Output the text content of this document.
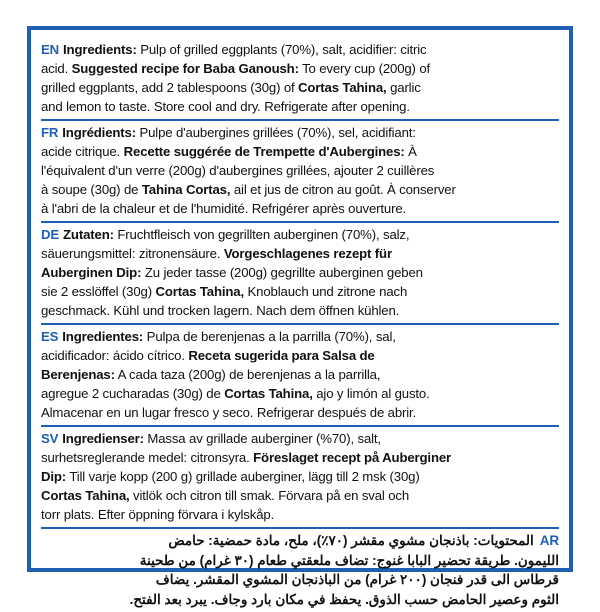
EN Ingredients: Pulp of grilled eggplants (70%), salt, acidifier: citric
acid. Suggested recipe for Baba Ganoush: To every cup (200g) of
grilled eggplants, add 2 tablespoons (30g) of Cortas Tahina, garlic
and lemon to taste. Store cool and dry. Refrigerate after opening.
FR Ingrédients: Pulpe d'aubergines grillées (70%), sel, acidifiant:
acide citrique. Recette suggérée de Trempette d'Aubergines: À
l'équivalent d'un verre (200g) d'aubergines grillées, ajouter 2 cuillères
à soupe (30g) de Tahina Cortas, ail et jus de citron au goût. À conserver
à l'abri de la chaleur et de l'humidité. Refrigérer après ouverture.
DE Zutaten: Fruchtfleisch von gegrillten auberginen (70%), salz,
säuerungsmittel: zitronensäure. Vorgeschlagenes rezept für
Auberginen Dip: Zu jeder tasse (200g) gegrillte auberginen geben
sie 2 esslöffel (30g) Cortas Tahina, Knoblauch und zitrone nach
geschmack. Kühl und trocken lagern. Nach dem öffnen kühlen.
ES Ingredientes: Pulpa de berenjenas a la parrilla (70%), sal,
acidificador: ácido cítrico. Receta sugerida para Salsa de
Berenjenas: A cada taza (200g) de berenjenas a la parrilla,
agregue 2 cucharadas (30g) de Cortas Tahina, ajo y limón al gusto.
Almacenar en un lugar fresco y seco. Refrigerar después de abrir.
SV Ingredienser: Massa av grillade auberginer (%70), salt,
surhetsreglerande medel: citronsyra. Föreslaget recept på Auberginer
Dip: Till varje kopp (200 g) grillade auberginer, lägg till 2 msk (30g)
Cortas Tahina, vitlök och citron till smak. Förvara på en sval och
torr plats. Efter öppning förvara i kylskåp.
ARالمحتويات: باذنجان مشوي مقشر (٧٠٪)، ملح، مادة حمضية: حامض
الليمون. طريقة تحضير البابا غنوج: تضاف ملعقتي طعام (٣٠ غرام) من طحينة
قرطاس الى قدر فنجان (٢٠٠ غرام) من الباذنجان المشوي المقشر. يضاف
الثوم وعصير الحامض حسب الذوق. يحفظ في مكان بارد وجاف. يبرد بعد الفتح.
